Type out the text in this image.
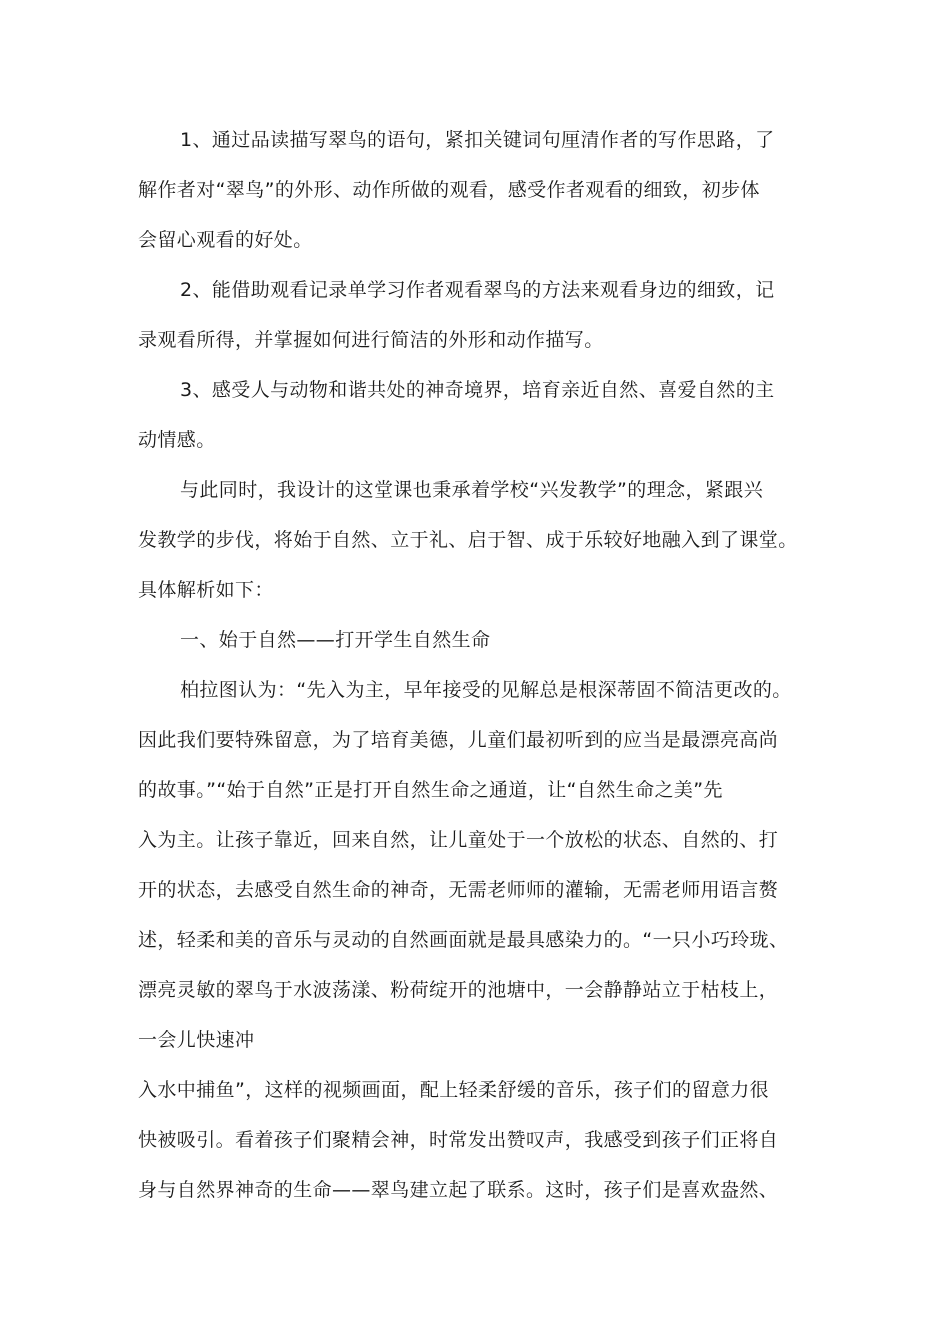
1、通过品读描写翠鸟的语句，紧扣关键词句厘清作者的写作思路，了
解作者对“翠鸟”的外形、动作所做的观看，感受作者观看的细致，初步体
会留心观看的好处。
2、能借助观看记录单学习作者观看翠鸟的方法来观看身边的细致，记
录观看所得，并掌握如何进行简洁的外形和动作描写。
3、感受人与动物和谐共处的神奇境界，培育亲近自然、喜爱自然的主
动情感。
与此同时，我设计的这堂课也秉承着学校“兴发教学”的理念，紧跟兴
发教学的步伐，将始于自然、立于礼、启于智、成于乐较好地融入到了课堂。
具体解析如下：
一、始于自然——打开学生自然生命
柏拉图认为：“先入为主，早年接受的见解总是根深蒂固不简洁更改的。
因此我们要特殊留意，为了培育美德，儿童们最初听到的应当是最漂亮高尚
的故事。”“始于自然”正是打开自然生命之通道，让“自然生命之美”先
入为主。让孩子靠近，回来自然，让儿童处于一个放松的状态、自然的、打
开的状态，去感受自然生命的神奇，无需老师师的灌输，无需老师用语言赘
述，轻柔和美的音乐与灵动的自然画面就是最具感染力的。“一只小巧玲珑、
漂亮灵敏的翠鸟于水波荡漾、粉荷绽开的池塘中，一会静静站立于枯枝上，
一会儿快速冲
入水中捕鱼”，这样的视频画面，配上轻柔舒缓的音乐，孩子们的留意力很
快被吸引。看着孩子们聚精会神，时常发出赞叹声，我感受到孩子们正将自
身与自然界神奇的生命——翠鸟建立起了联系。这时，孩子们是喜欢盎然、
